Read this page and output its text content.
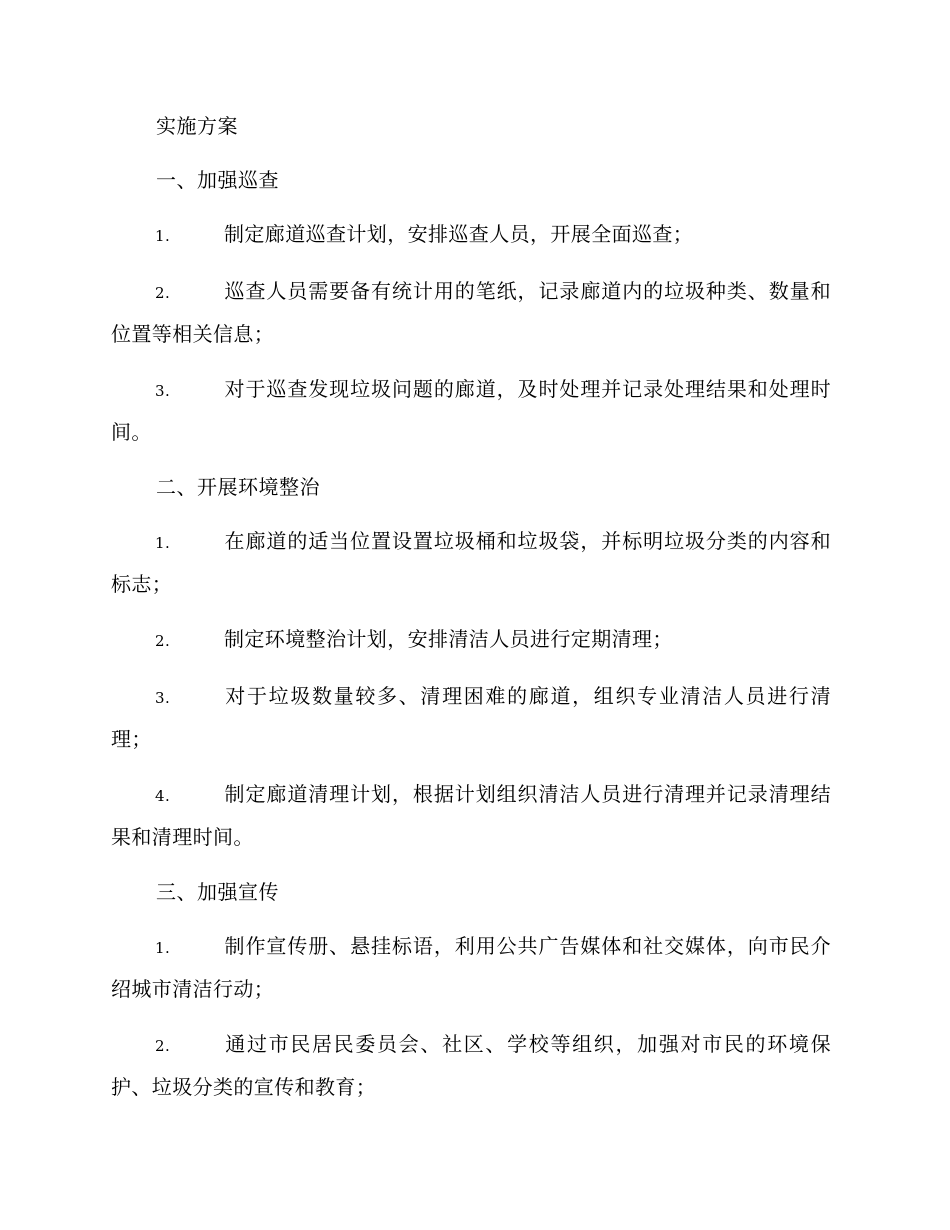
实施方案
一、加强巡查

1.	制定廊道巡查计划，安排巡查人员，开展全面巡查；

2.	巡查人员需要备有统计用的笔纸，记录廊道内的垃圾种类、数量和位置等相关信息；

3.	对于巡查发现垃圾问题的廊道，及时处理并记录处理结果和处理时间。

二、开展环境整治

1.	在廊道的适当位置设置垃圾桶和垃圾袋，并标明垃圾分类的内容和标志；

2.	制定环境整治计划，安排清洁人员进行定期清理；

3.	对于垃圾数量较多、清理困难的廊道，组织专业清洁人员进行清理；

4.	制定廊道清理计划，根据计划组织清洁人员进行清理并记录清理结果和清理时间。

三、加强宣传

1.	制作宣传册、悬挂标语，利用公共广告媒体和社交媒体，向市民介绍城市清洁行动；

2.	通过市民居民委员会、社区、学校等组织，加强对市民的环境保护、垃圾分类的宣传和教育；
